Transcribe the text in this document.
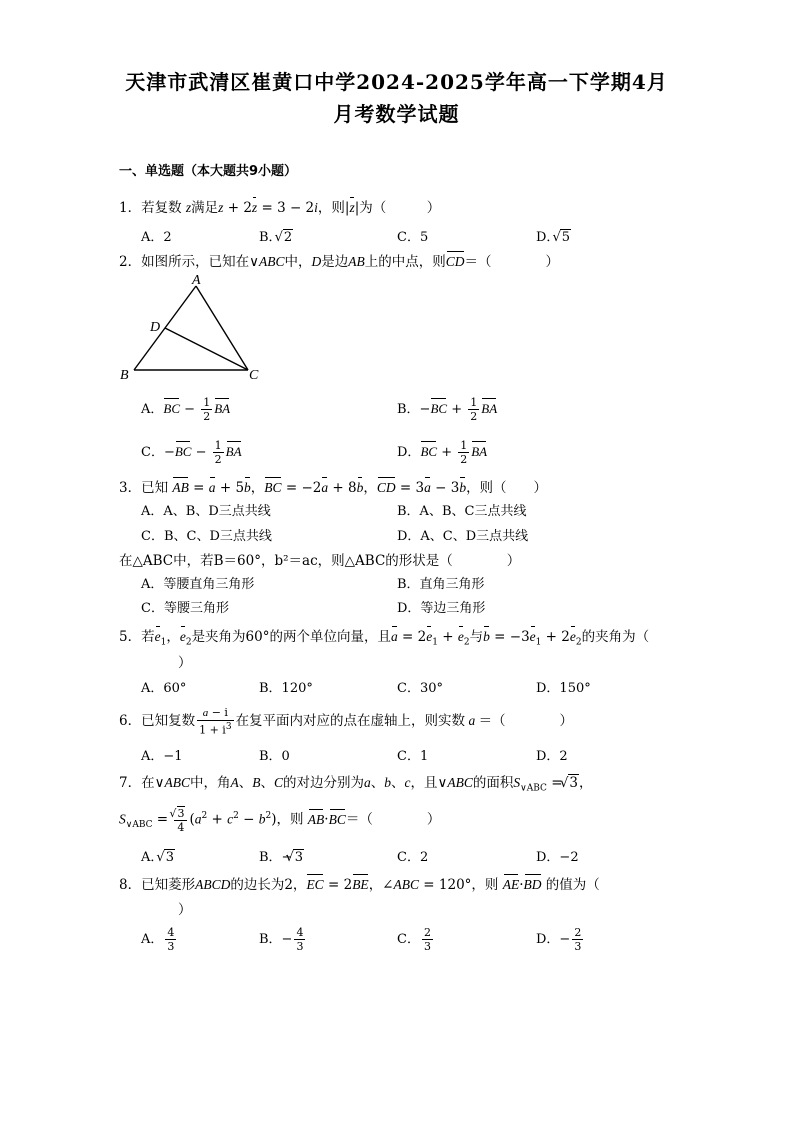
天津市武清区崔黄口中学2024-2025学年高一下学期4月
月考数学试题
一、单选题（本大题共9小题）
1．若复数 z满足z + 2z = 3 − 2i，则|z|为（　　　）
A．2	B． √ 2	C．5	D． √ 5
2．如图所示，已知在∨ABC中，D是边AB上的中点，则CD＝（　　　　）
A
D
B	C
A．BC − $\frac{1}{2}$ BA	B．$-BC + \frac{1}{2}$ BA
C．$-BC - \frac{1}{2}$ BA	D．BC + $\frac{1}{2}$ BA
3．已知 AB = a + 5b，BC = −2a + 8b，CD = 3a − 3b，则（　　）
A．A、B、D三点共线	B．A、B、C三点共线
C．B、C、D三点共线	D．A、C、D三点共线
在△ABC中，若B＝60°，b²＝ac，则△ABC的形状是（　　　　）
A．等腰直角三角形	B．直角三角形
C．等腰三角形	D．等边三角形
5．若$e_1$，$e_2$是夹角为60°的两个单位向量，且$a = 2e_1 + e_2$与$b = -3e_1 + 2e_2$的夹角为（
）
A．60°	B．120°	C．30°	D．150°
6．已知复数 $\frac{a - i}{1 + i^3}$ 在复平面内对应的点在虚轴上，则实数 a ＝（　　　　）
A．−1	B．0	C．1	D．2
7．在∨ABC中，角A、B、C的对边分别为a、b、c，且∨ABC的面积$S_{\vee ABC}$ = √ 3，
$S_{\vee ABC}$ = √ $\frac{3}{4} (a^2 + c^2 - b^2)$，则 AB·BC＝（　　　　）
A． √ 3	B．− √ 3	C．2	D．−2
8．已知菱形ABCD的边长为2，EC = 2BE，∠ABC = 120°，则 AE·BD 的值为（
）
A． $\frac{4}{3}$	B．− $\frac{4}{3}$	C． $\frac{2}{3}$	D．− $\frac{2}{3}$
